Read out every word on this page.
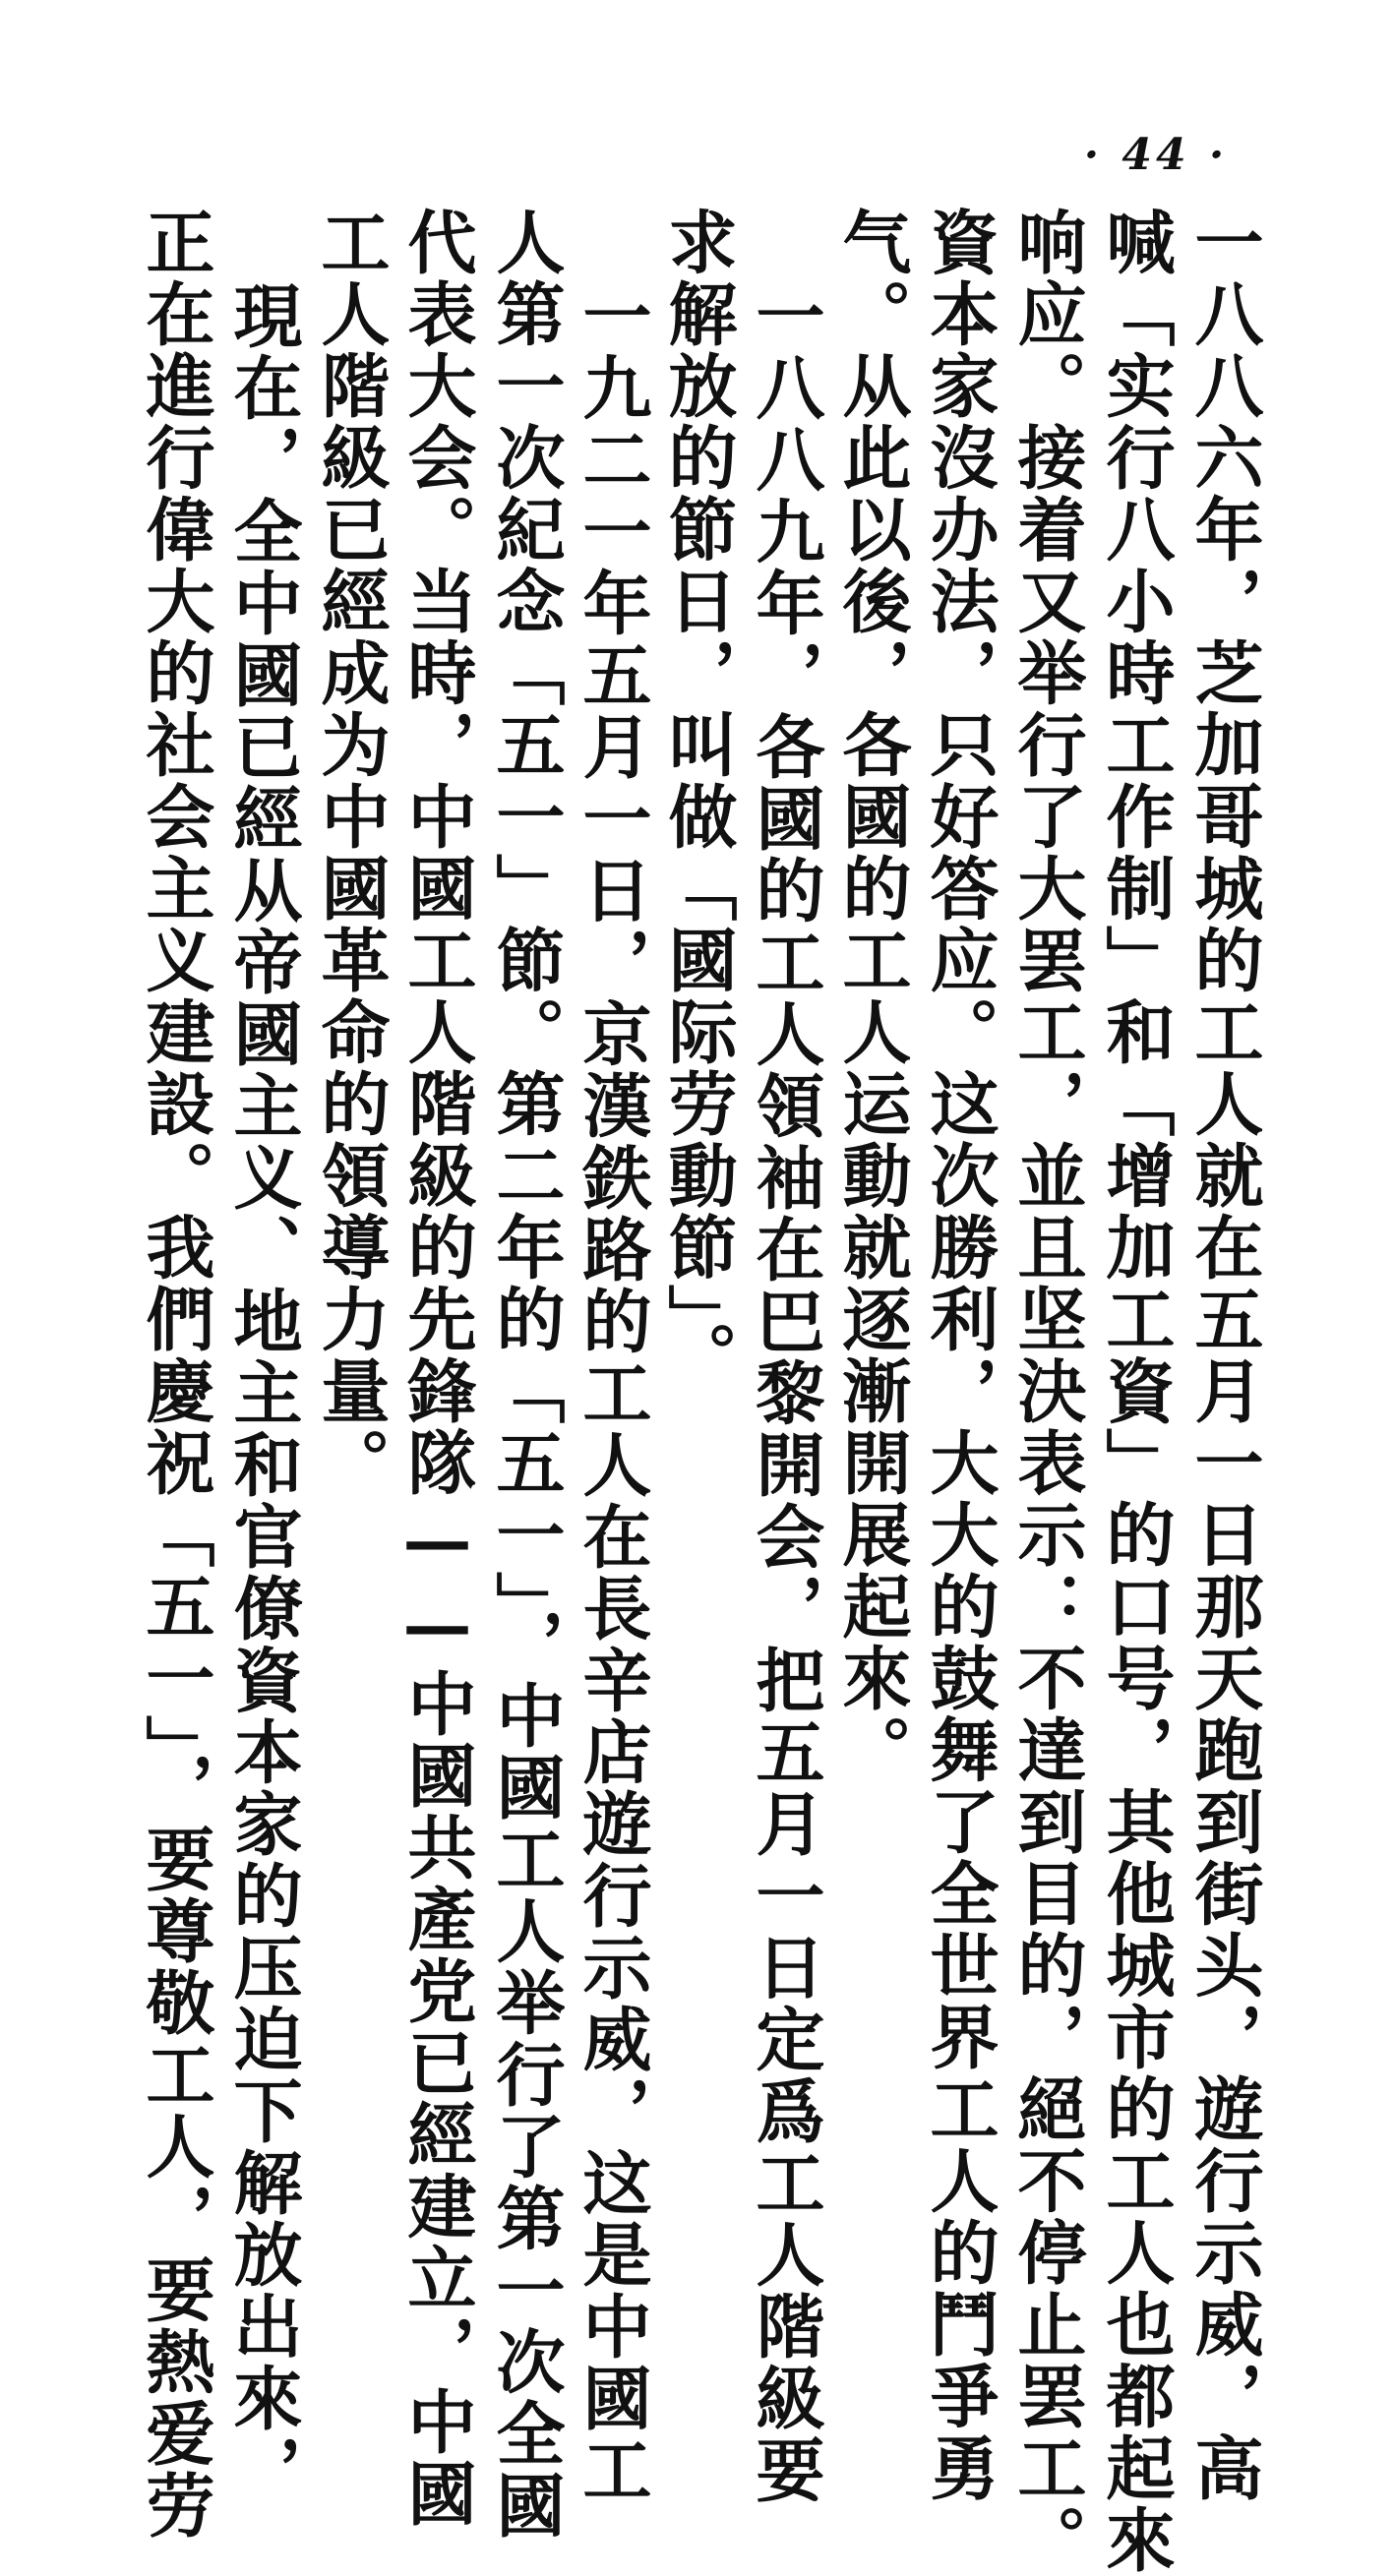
· 44 ·

一八八六年，芝加哥城的工人就在五月一日那天跑到街头，遊行示威，高

喊「实行八小時工作制」和「增加工資」的口号，其他城市的工人也都起來

响应。接着又举行了大罢工，並且坚決表示：不達到目的，絕不停止罢工。

資本家沒办法，只好答应。这次勝利，大大的鼓舞了全世界工人的鬥爭勇

气。从此以後，各國的工人运動就逐漸開展起來。

一八八九年，各國的工人領袖在巴黎開会，把五月一日定爲工人階級要

求解放的節日，叫做「國际劳動節」。

一九二一年五月一日，京漢鉄路的工人在長辛店遊行示威，这是中國工

人第一次紀念「五一」節。第二年的「五一」，中國工人举行了第一次全國

代表大会。当時，中國工人階級的先鋒隊——中國共產党已經建立，中國

工人階級已經成为中國革命的領導力量。

現在，全中國已經从帝國主义、地主和官僚資本家的压迫下解放出來，

正在進行偉大的社会主义建設。我們慶祝「五一」，要尊敬工人，要熱爱劳
